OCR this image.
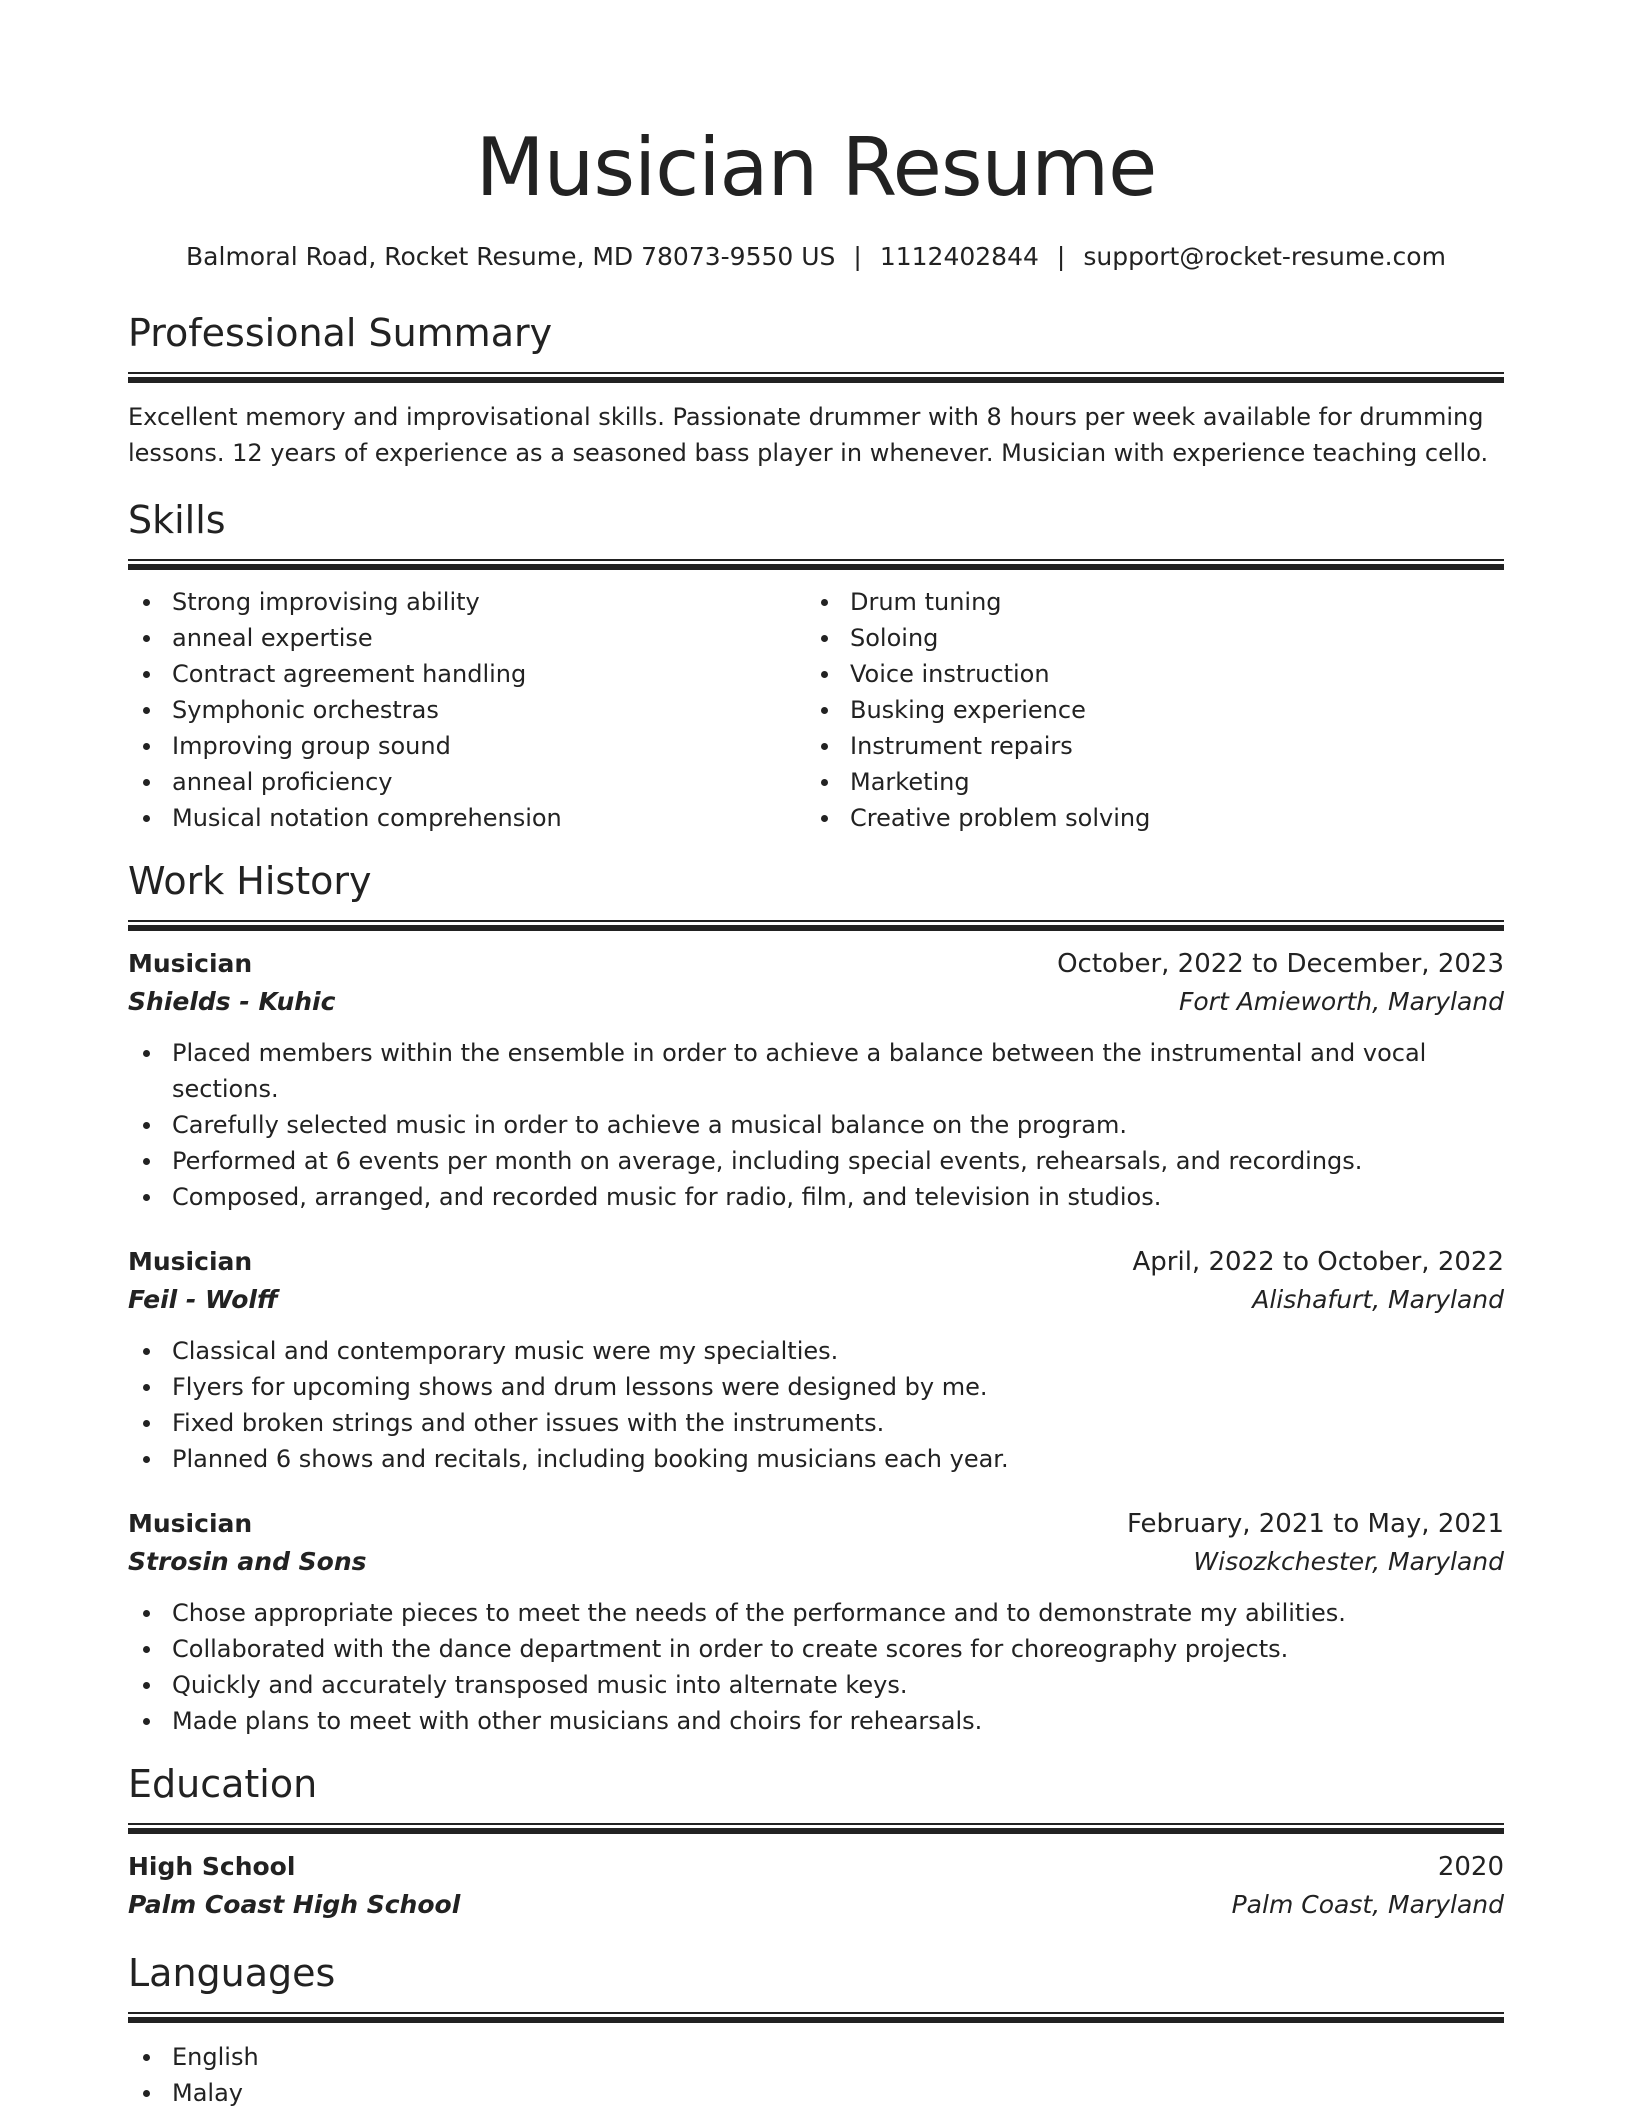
Musician Resume
Balmoral Road, Rocket Resume, MD 78073-9550 US | 1112402844 | support@rocket-resume.com
Professional Summary

Excellent memory and improvisational skills. Passionate drummer with 8 hours per week available for drumming lessons. 12 years of experience as a seasoned bass player in whenever. Musician with experience teaching cello.

Skills
Strong improvising ability
anneal expertise
Contract agreement handling
Symphonic orchestras
Improving group sound
anneal proficiency
Musical notation comprehension
Drum tuning
Soloing
Voice instruction
Busking experience
Instrument repairs
Marketing
Creative problem solving
Work History
Musician	October, 2022 to December, 2023
Shields - Kuhic	Fort Amieworth, Maryland
Placed members within the ensemble in order to achieve a balance between the instrumental and vocal sections.
Carefully selected music in order to achieve a musical balance on the program.
Performed at 6 events per month on average, including special events, rehearsals, and recordings.
Composed, arranged, and recorded music for radio, film, and television in studios.
Musician	April, 2022 to October, 2022
Feil - Wolff	Alishafurt, Maryland
Classical and contemporary music were my specialties.
Flyers for upcoming shows and drum lessons were designed by me.
Fixed broken strings and other issues with the instruments.
Planned 6 shows and recitals, including booking musicians each year.
Musician	February, 2021 to May, 2021
Strosin and Sons	Wisozkchester, Maryland
Chose appropriate pieces to meet the needs of the performance and to demonstrate my abilities.
Collaborated with the dance department in order to create scores for choreography projects.
Quickly and accurately transposed music into alternate keys.
Made plans to meet with other musicians and choirs for rehearsals.
Education
High School	2020
Palm Coast High School	Palm Coast, Maryland
Languages
English
Malay
